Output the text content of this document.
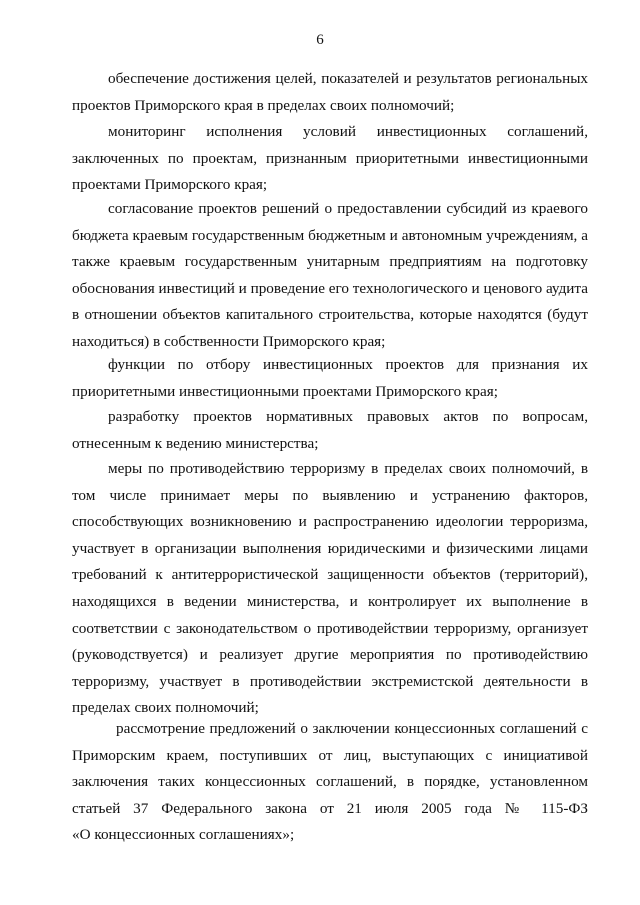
6
обеспечение достижения целей, показателей и результатов региональных
проектов Приморского края в пределах своих полномочий;
мониторинг исполнения условий инвестиционных соглашений,
заключенных по проектам, признанным приоритетными инвестиционными
проектами Приморского края;
согласование проектов решений о предоставлении субсидий из краевого
бюджета краевым государственным бюджетным и автономным учреждениям, а
также краевым государственным унитарным предприятиям на подготовку
обоснования инвестиций и проведение его технологического и ценового аудита
в отношении объектов капитального строительства, которые находятся (будут
находиться) в собственности Приморского края;
функции по отбору инвестиционных проектов для признания их
приоритетными инвестиционными проектами Приморского края;
разработку проектов нормативных правовых актов по вопросам,
отнесенным к ведению министерства;
меры по противодействию терроризму в пределах своих полномочий, в
том числе принимает меры по выявлению и устранению факторов,
способствующих возникновению и распространению идеологии терроризма,
участвует в организации выполнения юридическими и физическими лицами
требований к антитеррористической защищенности объектов (территорий),
находящихся в ведении министерства, и контролирует их выполнение в
соответствии с законодательством о противодействии терроризму, организует
(руководствуется) и реализует другие мероприятия по противодействию
терроризму, участвует в противодействии экстремистской деятельности в
пределах своих полномочий;
рассмотрение предложений о заключении концессионных соглашений с
Приморским краем, поступивших от лиц, выступающих с инициативой
заключения таких концессионных соглашений, в порядке, установленном
статьей 37 Федерального закона от 21 июля 2005 года № 115-ФЗ
«О концессионных соглашениях»;
